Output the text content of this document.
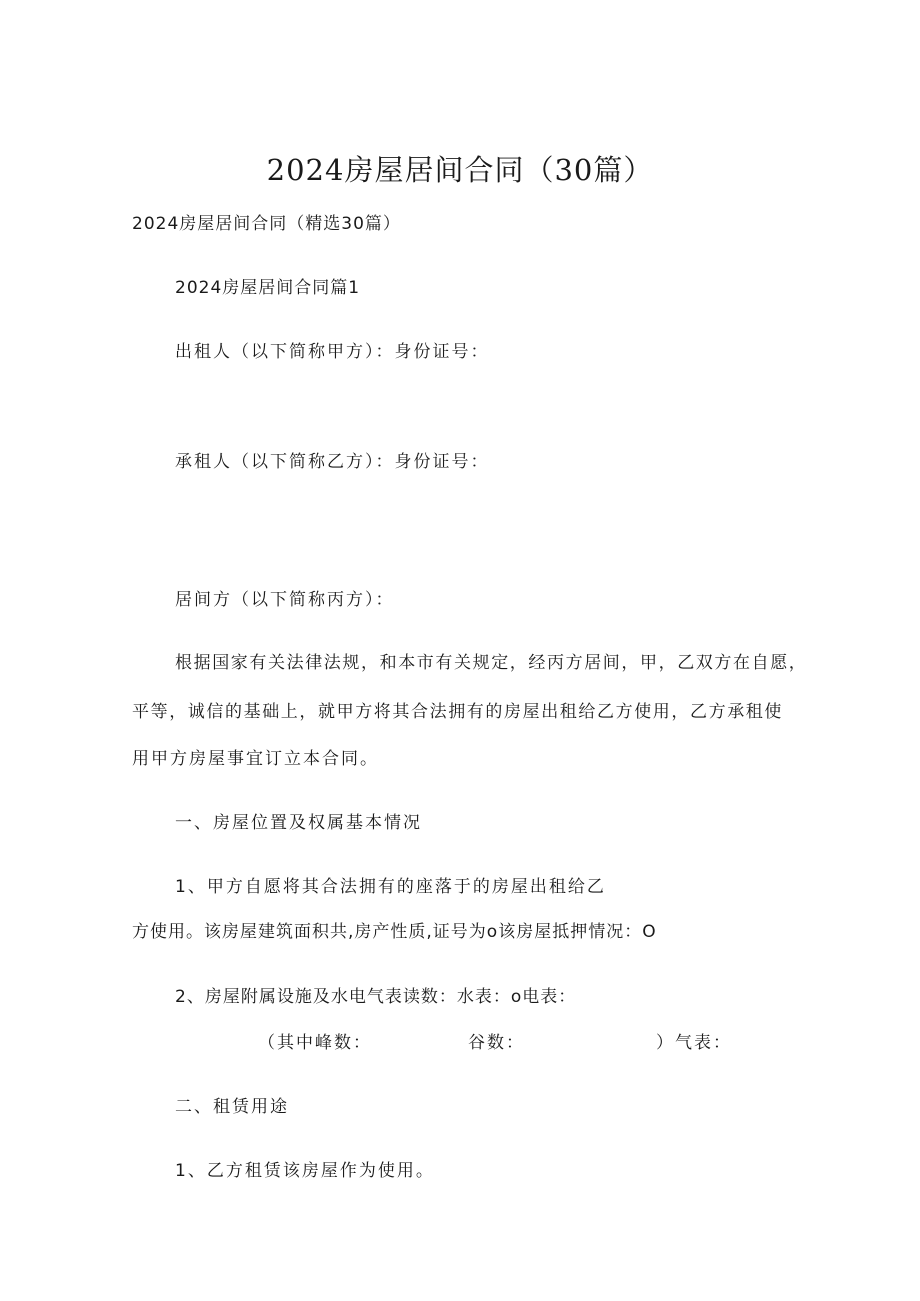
2024房屋居间合同（30篇）
2024房屋居间合同（精选30篇）
2024房屋居间合同篇1
出租人（以下简称甲方）：身份证号：
承租人（以下简称乙方）：身份证号：
居间方（以下简称丙方）：
根据国家有关法律法规，和本市有关规定，经丙方居间，甲，乙双方在自愿，
平等，诚信的基础上，就甲方将其合法拥有的房屋出租给乙方使用，乙方承租使
用甲方房屋事宜订立本合同。
一、房屋位置及权属基本情况
1、甲方自愿将其合法拥有的座落于的房屋出租给乙
方使用。该房屋建筑面积共,房产性质,证号为o该房屋抵押情况：O
2、房屋附属设施及水电气表读数：水表：o电表：
（其中峰数：	谷数：	）气表：
二、租赁用途
1、乙方租赁该房屋作为使用。
